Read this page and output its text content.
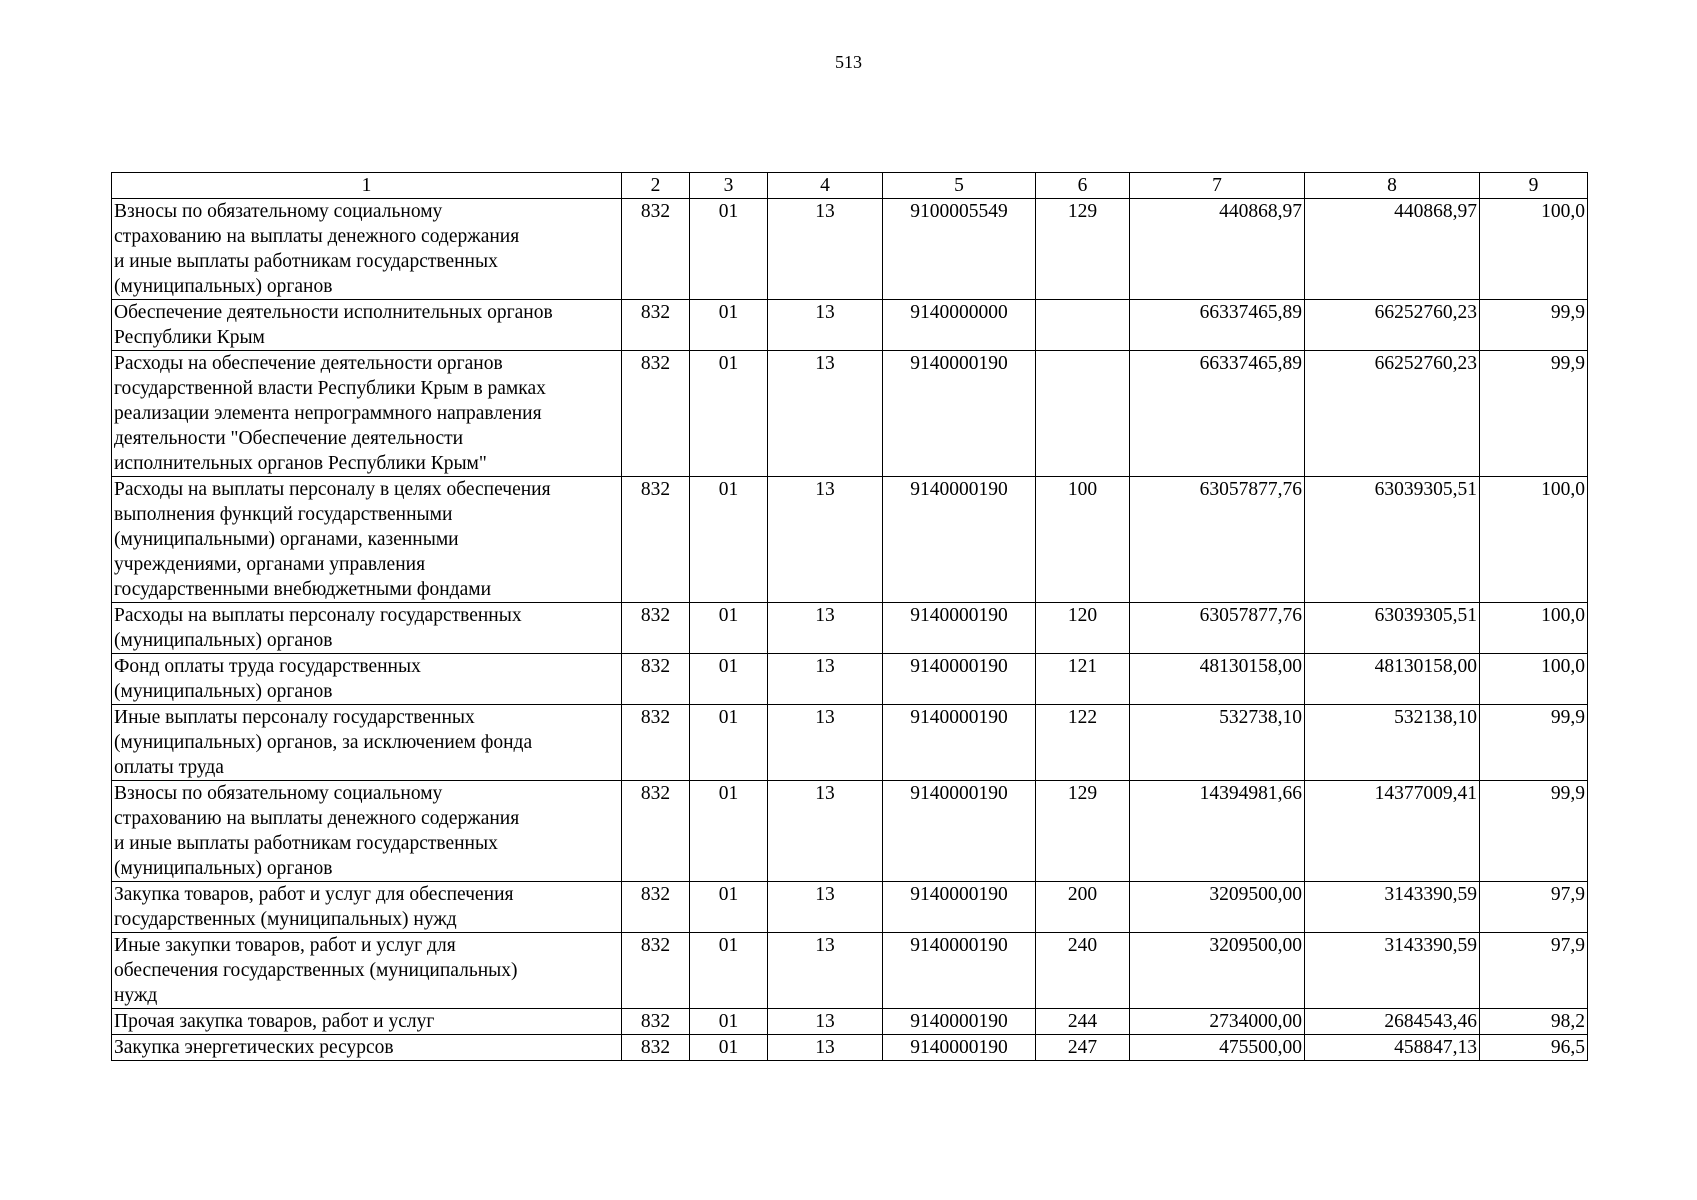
513
1	2	3	4	5	6	7	8	9

Взносы по обязательному социальному
страхованию на выплаты денежного содержания
и иные выплаты работникам государственных
(муниципальных) органов	832	01	13	9100005549	129	440868,97	440868,97	100,0

Обеспечение деятельности исполнительных органов
Республики Крым	832	01	13	9140000000		66337465,89	66252760,23	99,9

Расходы на обеспечение деятельности органов
государственной власти Республики Крым в рамках
реализации элемента непрограммного направления
деятельности "Обеспечение деятельности
исполнительных органов Республики Крым"	832	01	13	9140000190		66337465,89	66252760,23	99,9

Расходы на выплаты персоналу в целях обеспечения
выполнения функций государственными
(муниципальными) органами, казенными
учреждениями, органами управления
государственными внебюджетными фондами	832	01	13	9140000190	100	63057877,76	63039305,51	100,0

Расходы на выплаты персоналу государственных
(муниципальных) органов	832	01	13	9140000190	120	63057877,76	63039305,51	100,0

Фонд оплаты труда государственных
(муниципальных) органов	832	01	13	9140000190	121	48130158,00	48130158,00	100,0

Иные выплаты персоналу государственных
(муниципальных) органов, за исключением фонда
оплаты труда	832	01	13	9140000190	122	532738,10	532138,10	99,9

Взносы по обязательному социальному
страхованию на выплаты денежного содержания
и иные выплаты работникам государственных
(муниципальных) органов	832	01	13	9140000190	129	14394981,66	14377009,41	99,9

Закупка товаров, работ и услуг для обеспечения
государственных (муниципальных) нужд	832	01	13	9140000190	200	3209500,00	3143390,59	97,9

Иные закупки товаров, работ и услуг для
обеспечения государственных (муниципальных)
нужд	832	01	13	9140000190	240	3209500,00	3143390,59	97,9

Прочая закупка товаров, работ и услуг	832	01	13	9140000190	244	2734000,00	2684543,46	98,2

Закупка энергетических ресурсов	832	01	13	9140000190	247	475500,00	458847,13	96,5
